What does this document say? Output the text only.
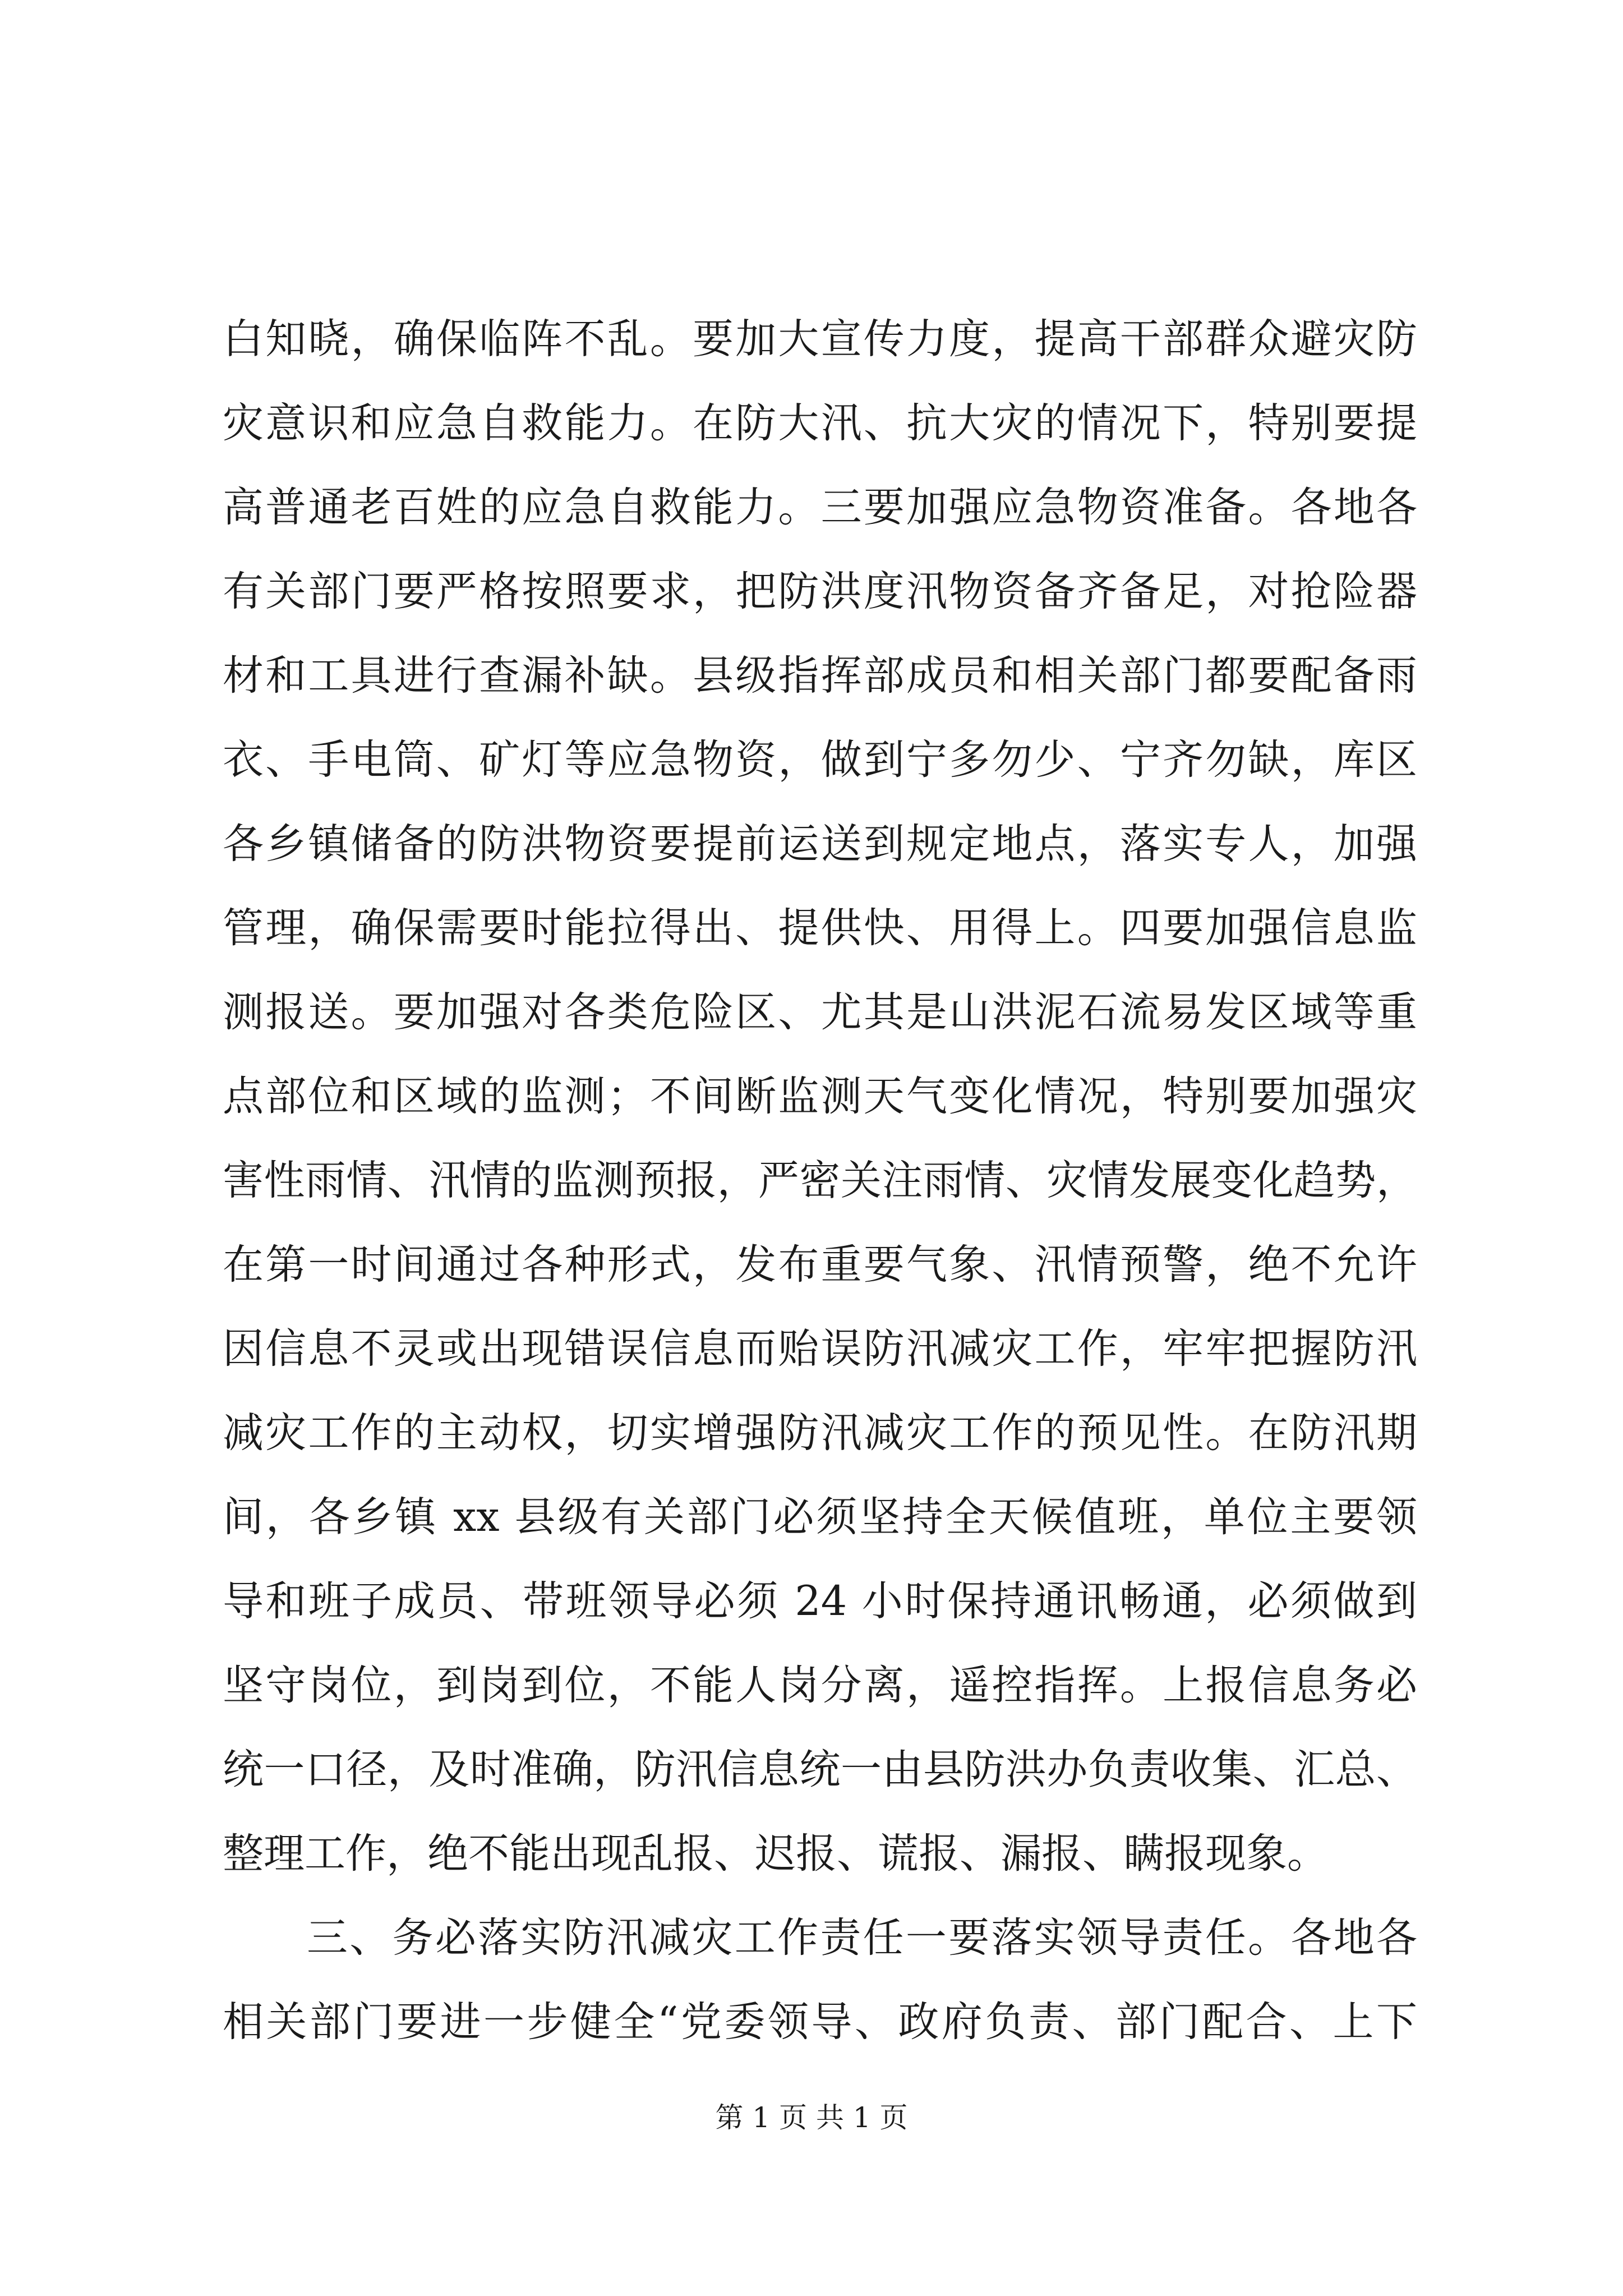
白知晓，确保临阵不乱。要加大宣传力度，提高干部群众避灾防

灾意识和应急自救能力。在防大汛、抗大灾的情况下，特别要提

高普通老百姓的应急自救能力。三要加强应急物资准备。各地各

有关部门要严格按照要求，把防洪度汛物资备齐备足，对抢险器

材和工具进行查漏补缺。县级指挥部成员和相关部门都要配备雨

衣、手电筒、矿灯等应急物资，做到宁多勿少、宁齐勿缺，库区

各乡镇储备的防洪物资要提前运送到规定地点，落实专人，加强

管理，确保需要时能拉得出、提供快、用得上。四要加强信息监

测报送。要加强对各类危险区、尤其是山洪泥石流易发区域等重

点部位和区域的监测；不间断监测天气变化情况，特别要加强灾

害性雨情、汛情的监测预报，严密关注雨情、灾情发展变化趋势，

在第一时间通过各种形式，发布重要气象、汛情预警，绝不允许

因信息不灵或出现错误信息而贻误防汛减灾工作，牢牢把握防汛

减灾工作的主动权，切实增强防汛减灾工作的预见性。在防汛期

间，各乡镇 xx 县级有关部门必须坚持全天候值班，单位主要领

导和班子成员、带班领导必须 24 小时保持通讯畅通，必须做到

坚守岗位，到岗到位，不能人岗分离，遥控指挥。上报信息务必

统一口径，及时准确，防汛信息统一由县防洪办负责收集、汇总、

整理工作，绝不能出现乱报、迟报、谎报、漏报、瞒报现象。

三、务必落实防汛减灾工作责任一要落实领导责任。各地各

相关部门要进一步健全“党委领导、政府负责、部门配合、上下

第 1 页 共 1 页
